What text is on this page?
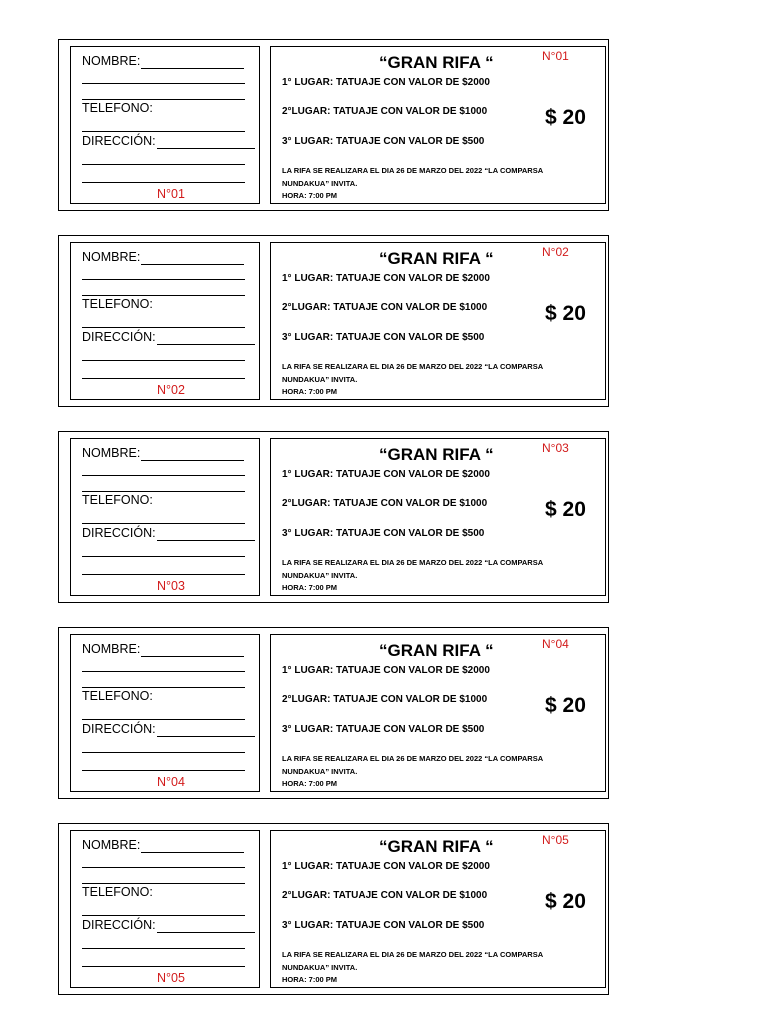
NOMBRE:
TELEFONO:
DIRECCIÓN:
N°01
“GRAN RIFA “	N°01
1° LUGAR: TATUAJE CON VALOR DE $2000
2°LUGAR: TATUAJE CON VALOR DE $1000
3° LUGAR: TATUAJE CON VALOR DE $500
$ 20
LA RIFA SE REALIZARA EL DIA 26 DE MARZO DEL 2022 “LA COMPARSA
NUNDAKUA” INVITA.
HORA: 7:00 PM
NOMBRE:
TELEFONO:
DIRECCIÓN:
N°02
“GRAN RIFA “	N°02
1° LUGAR: TATUAJE CON VALOR DE $2000
2°LUGAR: TATUAJE CON VALOR DE $1000
3° LUGAR: TATUAJE CON VALOR DE $500
$ 20
LA RIFA SE REALIZARA EL DIA 26 DE MARZO DEL 2022 “LA COMPARSA
NUNDAKUA” INVITA.
HORA: 7:00 PM
NOMBRE:
TELEFONO:
DIRECCIÓN:
N°03
“GRAN RIFA “	N°03
1° LUGAR: TATUAJE CON VALOR DE $2000
2°LUGAR: TATUAJE CON VALOR DE $1000
3° LUGAR: TATUAJE CON VALOR DE $500
$ 20
LA RIFA SE REALIZARA EL DIA 26 DE MARZO DEL 2022 “LA COMPARSA
NUNDAKUA” INVITA.
HORA: 7:00 PM
NOMBRE:
TELEFONO:
DIRECCIÓN:
N°04
“GRAN RIFA “	N°04
1° LUGAR: TATUAJE CON VALOR DE $2000
2°LUGAR: TATUAJE CON VALOR DE $1000
3° LUGAR: TATUAJE CON VALOR DE $500
$ 20
LA RIFA SE REALIZARA EL DIA 26 DE MARZO DEL 2022 “LA COMPARSA
NUNDAKUA” INVITA.
HORA: 7:00 PM
NOMBRE:
TELEFONO:
DIRECCIÓN:
N°05
“GRAN RIFA “	N°05
1° LUGAR: TATUAJE CON VALOR DE $2000
2°LUGAR: TATUAJE CON VALOR DE $1000
3° LUGAR: TATUAJE CON VALOR DE $500
$ 20
LA RIFA SE REALIZARA EL DIA 26 DE MARZO DEL 2022 “LA COMPARSA
NUNDAKUA” INVITA.
HORA: 7:00 PM
